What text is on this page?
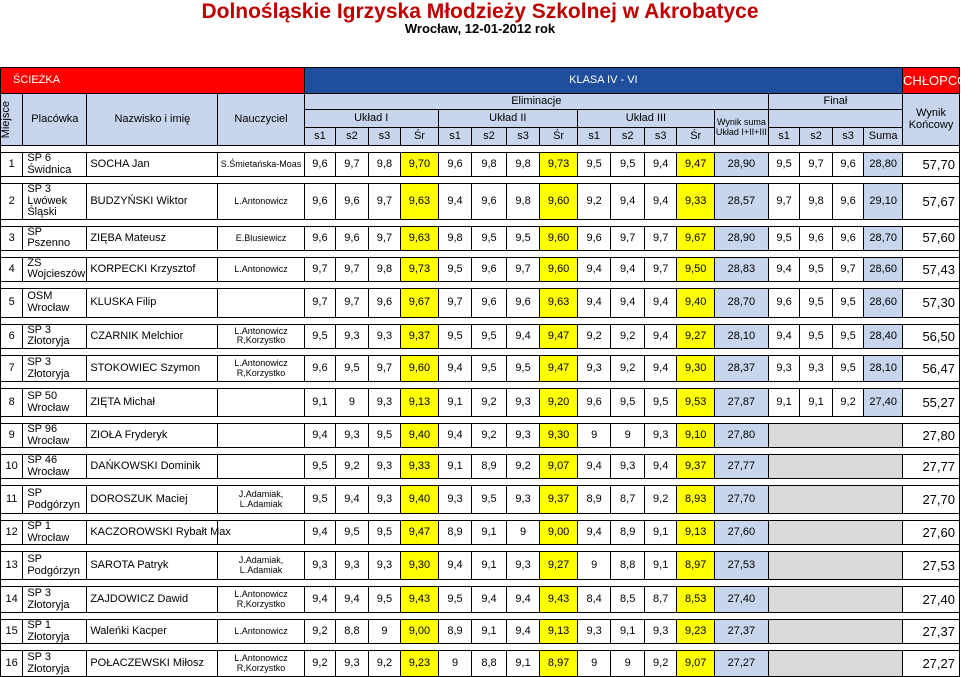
Dolnośląskie Igrzyska Młodzieży Szkolnej w Akrobatyce
Wrocław, 12-01-2012 rok
ŚCIEŻKA				KLASA IV - VI																	CHŁOPCÓW

Miejsce	Placówka	Nazwisko i imię	Nauczyciel	Eliminacje													Finał				Wynik Końcowy
				Układ I				Układ II				Układ III				Wynik suma Układ I+II+III					
				s1	s2	s3	Śr	s1	s2	s3	Śr	s1	s2	s3	Śr		s1	s2	s3	Suma	

1	SP 6 Świdnica	SOCHA Jan	S.Śmietańska-Moas	9,6	9,7	9,8	9,70	9,6	9,8	9,8	9,73	9,5	9,5	9,4	9,47	28,90	9,5	9,7	9,6	28,80	57,70

2	SP 3 Lwówek Śląski	BUDZYŃSKI Wiktor	L.Antonowicz	9,6	9,6	9,7	9,63	9,4	9,6	9,8	9,60	9,2	9,4	9,4	9,33	28,57	9,7	9,8	9,6	29,10	57,67

3	SP Pszenno	ZIĘBA Mateusz	E.Blusiewicz	9,6	9,6	9,7	9,63	9,8	9,5	9,5	9,60	9,6	9,7	9,7	9,67	28,90	9,5	9,6	9,6	28,70	57,60

4	ZS Wojcieszów	KORPECKI Krzysztof	L.Antonowicz	9,7	9,7	9,8	9,73	9,5	9,6	9,7	9,60	9,4	9,4	9,7	9,50	28,83	9,4	9,5	9,7	28,60	57,43

5	OSM Wrocław	KLUSKA Filip		9,7	9,7	9,6	9,67	9,7	9,6	9,6	9,63	9,4	9,4	9,4	9,40	28,70	9,6	9,5	9,5	28,60	57,30

6	SP 3 Złotoryja	CZARNIK Melchior	L.Antonowicz R,Korzystko	9,5	9,3	9,3	9,37	9,5	9,5	9,4	9,47	9,2	9,2	9,4	9,27	28,10	9,4	9,5	9,5	28,40	56,50

7	SP 3 Złotoryja	STOKOWIEC Szymon	L.Antonowicz R,Korzystko	9,6	9,5	9,7	9,60	9,4	9,5	9,5	9,47	9,3	9,2	9,4	9,30	28,37	9,3	9,3	9,5	28,10	56,47

8	SP 50 Wrocław	ZIĘTA Michał		9,1	9	9,3	9,13	9,1	9,2	9,3	9,20	9,6	9,5	9,5	9,53	27,87	9,1	9,1	9,2	27,40	55,27

9	SP 96 Wrocław	ZIOŁA Fryderyk		9,4	9,3	9,5	9,40	9,4	9,2	9,3	9,30	9	9	9,3	9,10	27,80					27,80

10	SP 46 Wrocław	DAŃKOWSKI Dominik		9,5	9,2	9,3	9,33	9,1	8,9	9,2	9,07	9,4	9,3	9,4	9,37	27,77					27,77

11	SP Podgórzyn	DOROSZUK Maciej	J.Adamiak, L.Adamiak	9,5	9,4	9,3	9,40	9,3	9,5	9,3	9,37	8,9	8,7	9,2	8,93	27,70					27,70

12	SP 1 Wrocław	KACZOROWSKI Rybałt Max		9,4	9,5	9,5	9,47	8,9	9,1	9	9,00	9,4	8,9	9,1	9,13	27,60					27,60

13	SP Podgórzyn	SAROTA Patryk	J.Adamiak, L.Adamiak	9,3	9,3	9,3	9,30	9,4	9,1	9,3	9,27	9	8,8	9,1	8,97	27,53					27,53

14	SP 3 Złotoryja	ZAJDOWICZ Dawid	L.Antonowicz R,Korzystko	9,4	9,4	9,5	9,43	9,5	9,4	9,4	9,43	8,4	8,5	8,7	8,53	27,40					27,40

15	SP 1 Złotoryja	Waleńki Kacper	L.Antonowicz	9,2	8,8	9	9,00	8,9	9,1	9,4	9,13	9,3	9,1	9,3	9,23	27,37					27,37

16	SP 3 Złotoryja	POŁACZEWSKI Miłosz	L.Antonowicz R,Korzystko	9,2	9,3	9,2	9,23	9	8,8	9,1	8,97	9	9	9,2	9,07	27,27					27,27
